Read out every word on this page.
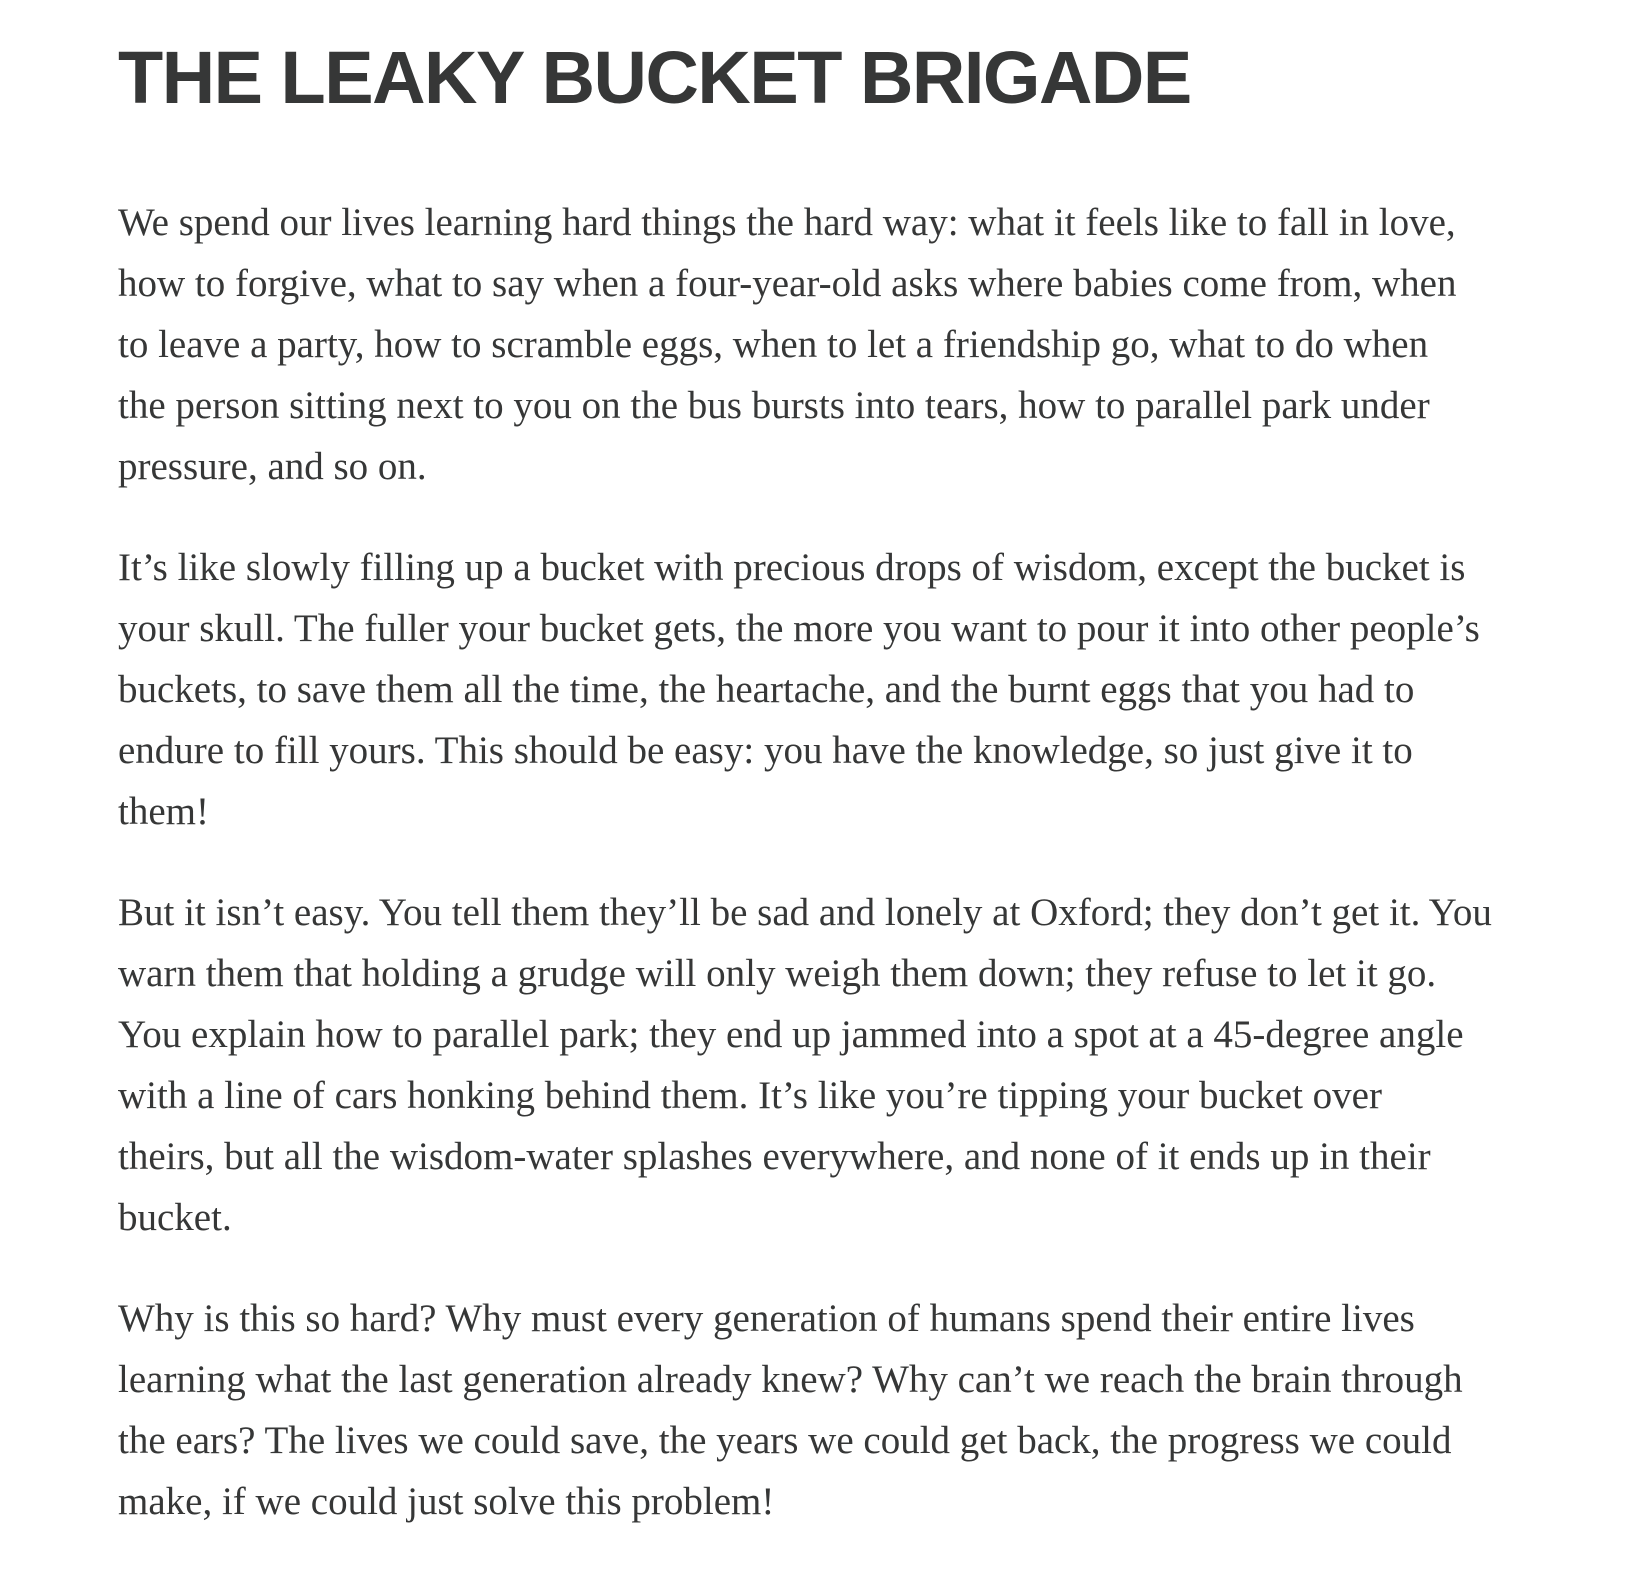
THE LEAKY BUCKET BRIGADE

We spend our lives learning hard things the hard way: what it feels like to fall in love,
how to forgive, what to say when a four-year-old asks where babies come from, when
to leave a party, how to scramble eggs, when to let a friendship go, what to do when
the person sitting next to you on the bus bursts into tears, how to parallel park under
pressure, and so on.

It’s like slowly filling up a bucket with precious drops of wisdom, except the bucket is
your skull. The fuller your bucket gets, the more you want to pour it into other people’s
buckets, to save them all the time, the heartache, and the burnt eggs that you had to
endure to fill yours. This should be easy: you have the knowledge, so just give it to
them!

But it isn’t easy. You tell them they’ll be sad and lonely at Oxford; they don’t get it. You
warn them that holding a grudge will only weigh them down; they refuse to let it go.
You explain how to parallel park; they end up jammed into a spot at a 45-degree angle
with a line of cars honking behind them. It’s like you’re tipping your bucket over
theirs, but all the wisdom-water splashes everywhere, and none of it ends up in their
bucket.

Why is this so hard? Why must every generation of humans spend their entire lives
learning what the last generation already knew? Why can’t we reach the brain through
the ears? The lives we could save, the years we could get back, the progress we could
make, if we could just solve this problem!
